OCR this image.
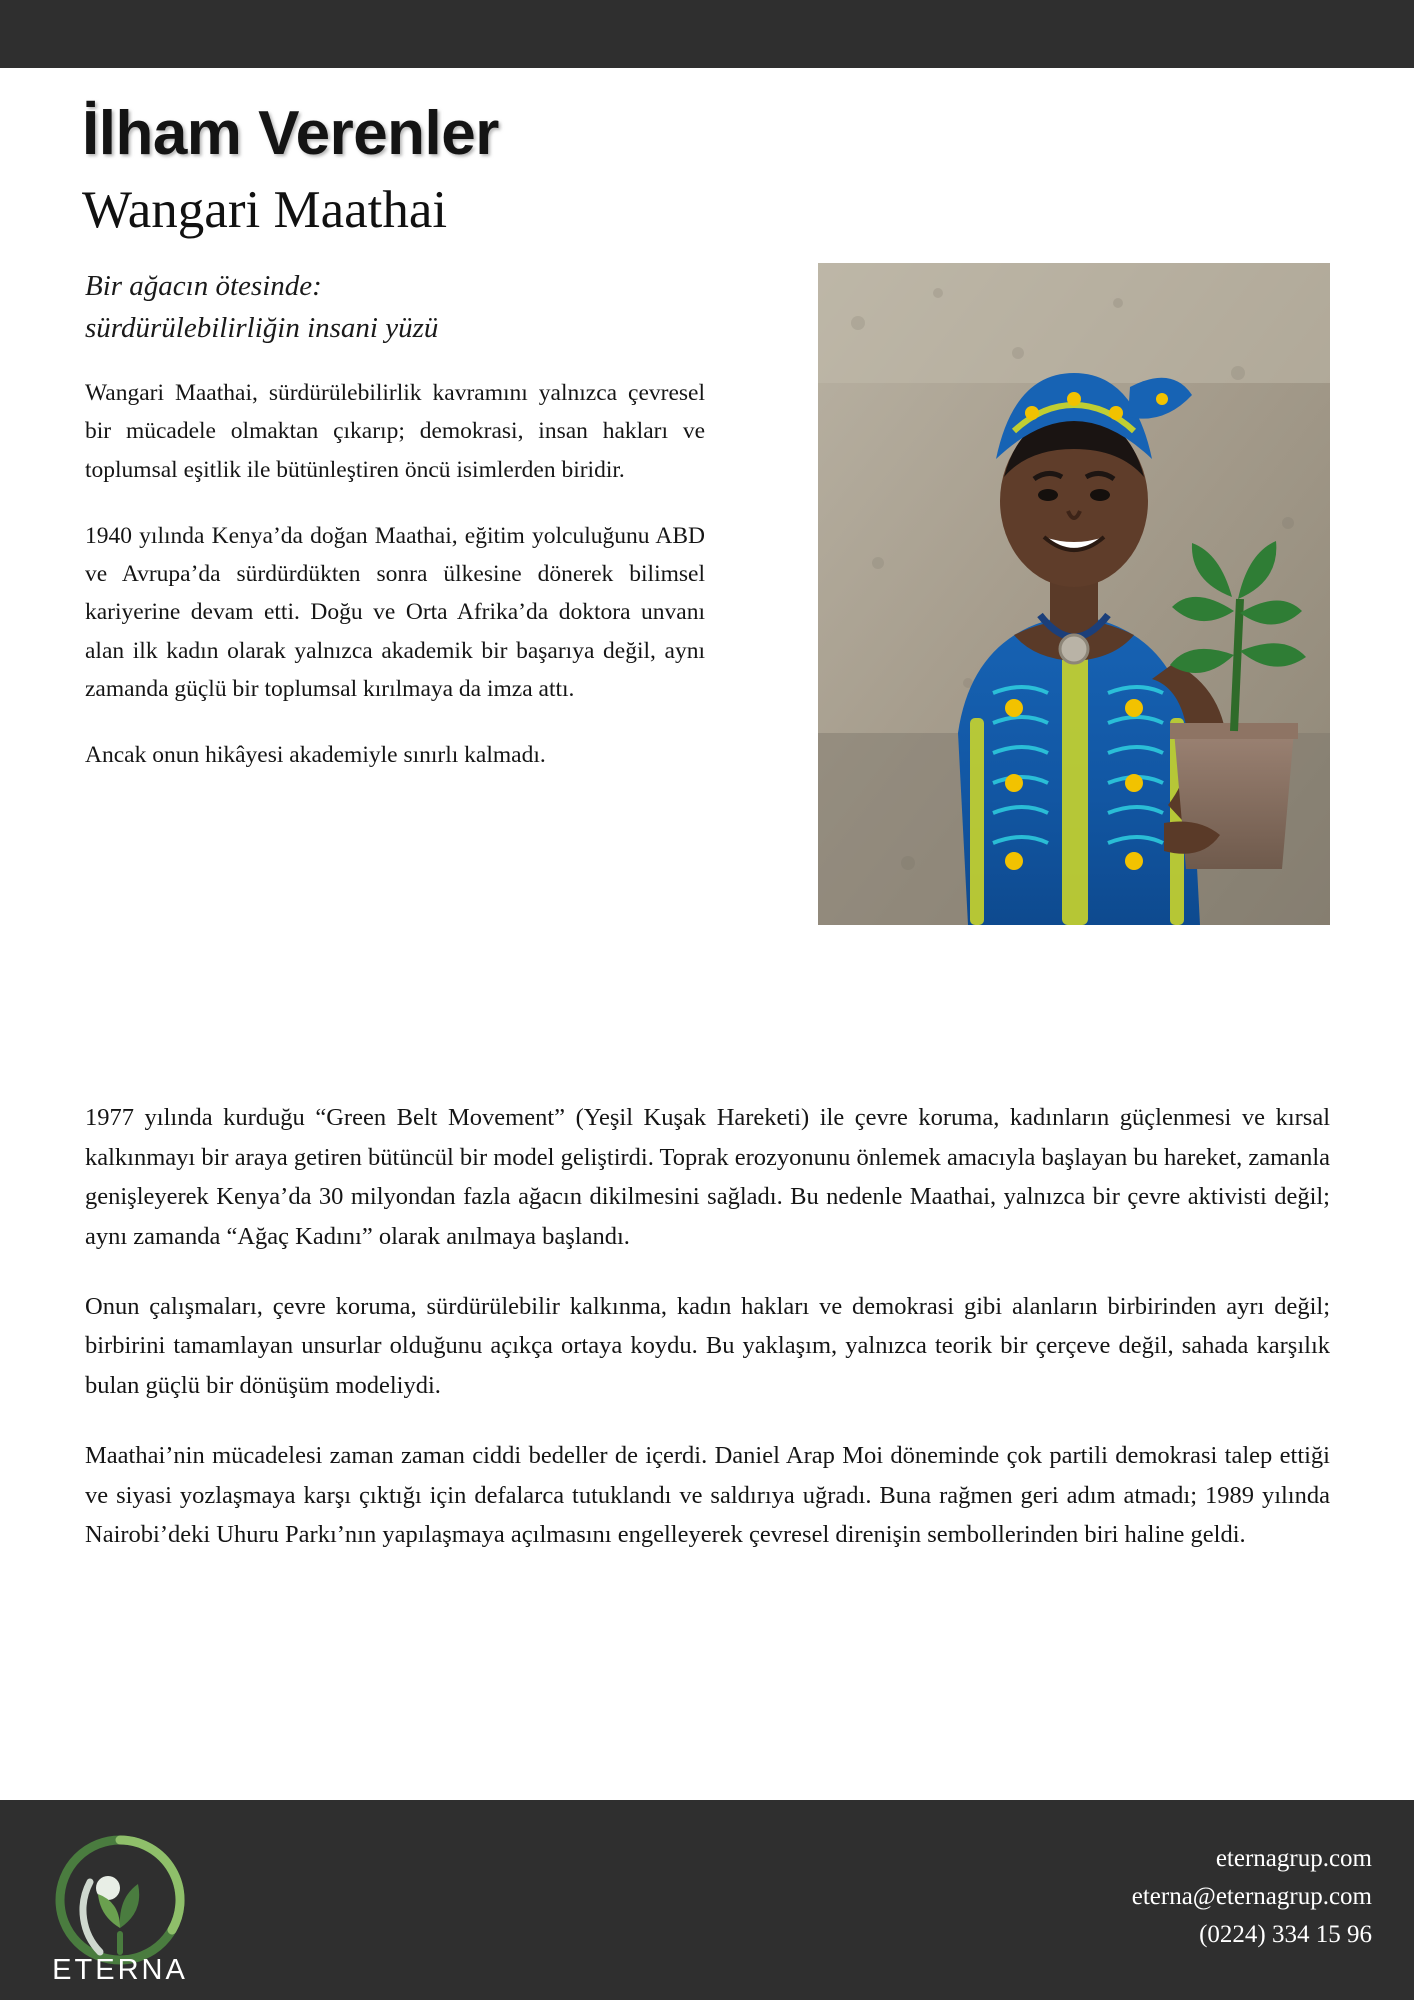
İlham Verenler
Wangari Maathai
Bir ağacın ötesinde:
sürdürülebilirliğin insani yüzü

Wangari Maathai, sürdürülebilirlik kavramını yalnızca çevresel bir mücadele olmaktan çıkarıp; demokrasi, insan hakları ve toplumsal eşitlik ile bütünleştiren öncü isimlerden biridir.

1940 yılında Kenya’da doğan Maathai, eğitim yolculuğunu ABD ve Avrupa’da sürdürdükten sonra ülkesine dönerek bilimsel kariyerine devam etti. Doğu ve Orta Afrika’da doktora unvanı alan ilk kadın olarak yalnızca akademik bir başarıya değil, aynı zamanda güçlü bir toplumsal kırılmaya da imza attı.

Ancak onun hikâyesi akademiyle sınırlı kalmadı.

1977 yılında kurduğu “Green Belt Movement” (Yeşil Kuşak Hareketi) ile çevre koruma, kadınların güçlenmesi ve kırsal kalkınmayı bir araya getiren bütüncül bir model geliştirdi. Toprak erozyonunu önlemek amacıyla başlayan bu hareket, zamanla genişleyerek Kenya’da 30 milyondan fazla ağacın dikilmesini sağladı. Bu nedenle Maathai, yalnızca bir çevre aktivisti değil; aynı zamanda “Ağaç Kadını” olarak anılmaya başlandı.

Onun çalışmaları, çevre koruma, sürdürülebilir kalkınma, kadın hakları ve demokrasi gibi alanların birbirinden ayrı değil; birbirini tamamlayan unsurlar olduğunu açıkça ortaya koydu. Bu yaklaşım, yalnızca teorik bir çerçeve değil, sahada karşılık bulan güçlü bir dönüşüm modeliydi.

Maathai’nin mücadelesi zaman zaman ciddi bedeller de içerdi. Daniel Arap Moi döneminde çok partili demokrasi talep ettiği ve siyasi yozlaşmaya karşı çıktığı için defalarca tutuklandı ve saldırıya uğradı. Buna rağmen geri adım atmadı; 1989 yılında Nairobi’deki Uhuru Parkı’nın yapılaşmaya açılmasını engelleyerek çevresel direnişin sembollerinden biri haline geldi.

ETERNA
eternagrup.com
eterna@eternagrup.com
(0224) 334 15 96
